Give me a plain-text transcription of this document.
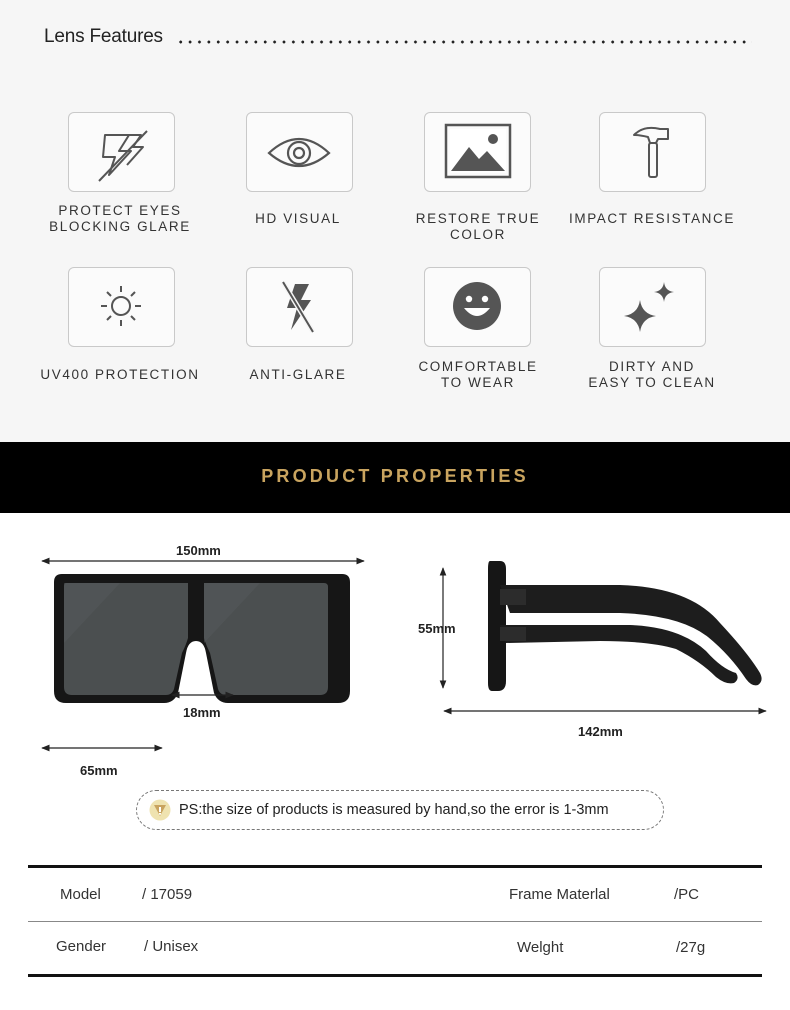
Lens Features
PROTECT EYES
BLOCKING GLARE
HD VISUAL	RESTORE TRUE COLOR
IMPACT RESISTANCE
UV400 PROTECTION	ANTI-GLARE
COMFORTABLE
TO WEAR
DIRTY AND
EASY TO CLEAN
PRODUCT PROPERTIES
150mm
18mm
65mm
55mm
142mm
PS:the size of products is measured by hand,so the error is 1-3mm
Model	/ 17059	Frame Materlal	/PC
Gender	/ Unisex	Welght	/27g
